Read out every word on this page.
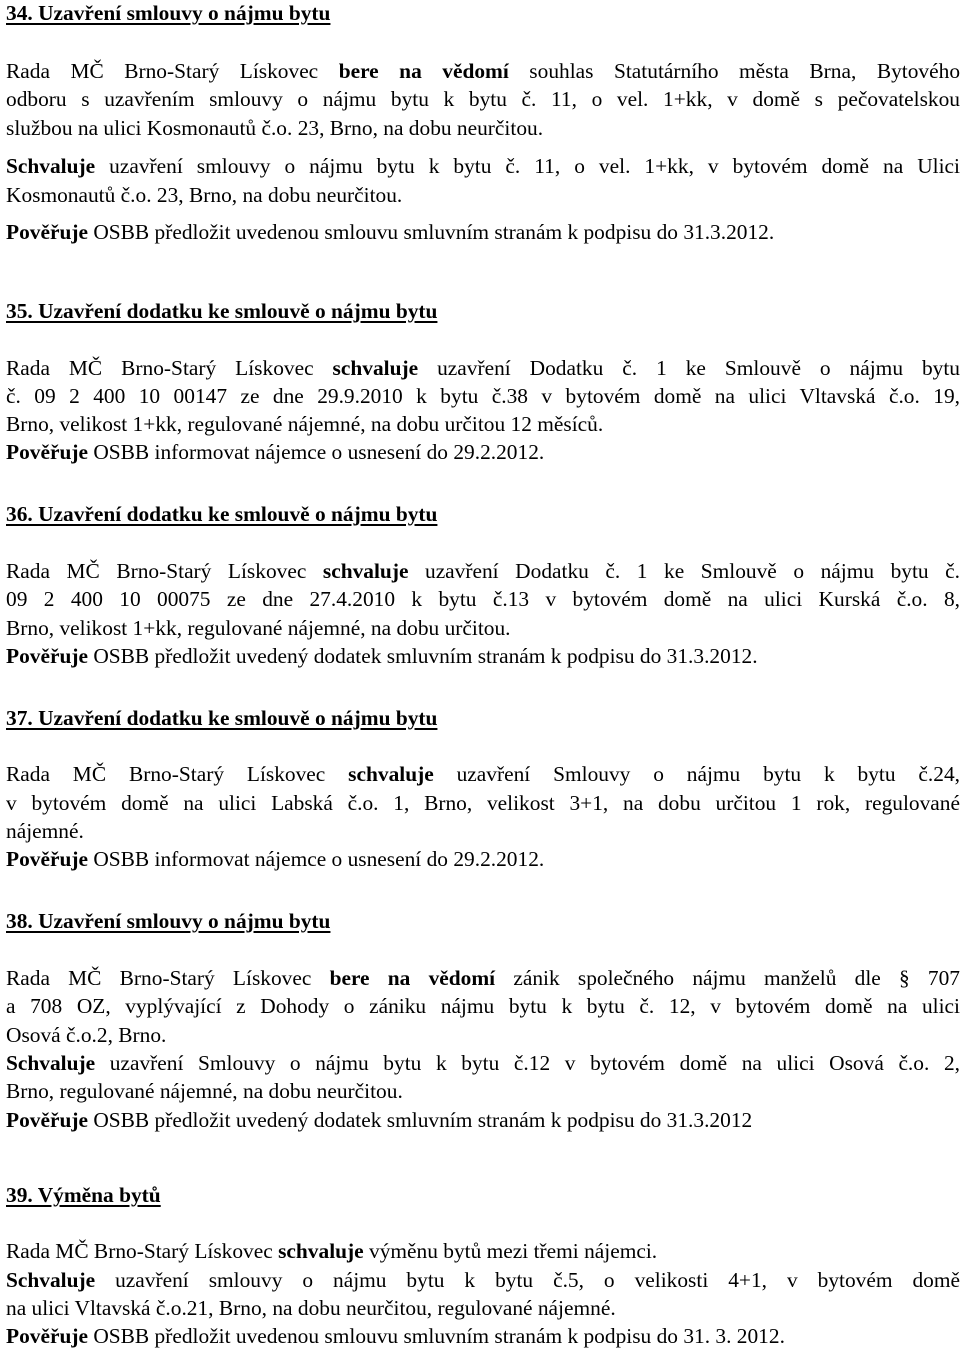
34. Uzavření smlouvy o nájmu bytu
Rada MČ Brno-Starý Lískovec bere na vědomí souhlas Statutárního města Brna, Bytového
odboru s uzavřením smlouvy o nájmu bytu k bytu č. 11, o vel. 1+kk, v domě s pečovatelskou
službou na ulici Kosmonautů č.o. 23, Brno, na dobu neurčitou.
Schvaluje uzavření smlouvy o nájmu bytu k bytu č. 11, o vel. 1+kk, v bytovém domě na Ulici
Kosmonautů č.o. 23, Brno, na dobu neurčitou.
Pověřuje OSBB předložit uvedenou smlouvu smluvním stranám k podpisu do 31.3.2012.
35. Uzavření dodatku ke smlouvě o nájmu bytu
Rada MČ Brno-Starý Lískovec schvaluje uzavření Dodatku č. 1 ke Smlouvě o nájmu bytu
č. 09 2 400 10 00147 ze dne 29.9.2010 k bytu č.38 v bytovém domě na ulici Vltavská č.o. 19,
Brno, velikost 1+kk, regulované nájemné, na dobu určitou 12 měsíců.
Pověřuje OSBB informovat nájemce o usnesení do 29.2.2012.
36. Uzavření dodatku ke smlouvě o nájmu bytu
Rada MČ Brno-Starý Lískovec schvaluje uzavření Dodatku č. 1 ke Smlouvě o nájmu bytu č.
09 2 400 10 00075 ze dne 27.4.2010 k bytu č.13 v bytovém domě na ulici Kurská č.o. 8,
Brno, velikost 1+kk, regulované nájemné, na dobu určitou.
Pověřuje OSBB předložit uvedený dodatek smluvním stranám k podpisu do 31.3.2012.
37. Uzavření dodatku ke smlouvě o nájmu bytu
Rada MČ Brno-Starý Lískovec schvaluje uzavření Smlouvy o nájmu bytu k bytu č.24,
v bytovém domě na ulici Labská č.o. 1, Brno, velikost 3+1, na dobu určitou 1 rok, regulované
nájemné.
Pověřuje OSBB informovat nájemce o usnesení do 29.2.2012.
38. Uzavření smlouvy o nájmu bytu
Rada MČ Brno-Starý Lískovec bere na vědomí zánik společného nájmu manželů dle § 707
a 708 OZ, vyplývající z Dohody o zániku nájmu bytu k bytu č. 12, v bytovém domě na ulici
Osová č.o.2, Brno.
Schvaluje uzavření Smlouvy o nájmu bytu k bytu č.12 v bytovém domě na ulici Osová č.o. 2,
Brno, regulované nájemné, na dobu neurčitou.
Pověřuje OSBB předložit uvedený dodatek smluvním stranám k podpisu do 31.3.2012
39. Výměna bytů
Rada MČ Brno-Starý Lískovec schvaluje výměnu bytů mezi třemi nájemci.
Schvaluje uzavření smlouvy o nájmu bytu k bytu č.5, o velikosti 4+1, v bytovém domě
na ulici Vltavská č.o.21, Brno, na dobu neurčitou, regulované nájemné.
Pověřuje OSBB předložit uvedenou smlouvu smluvním stranám k podpisu do 31. 3. 2012.
